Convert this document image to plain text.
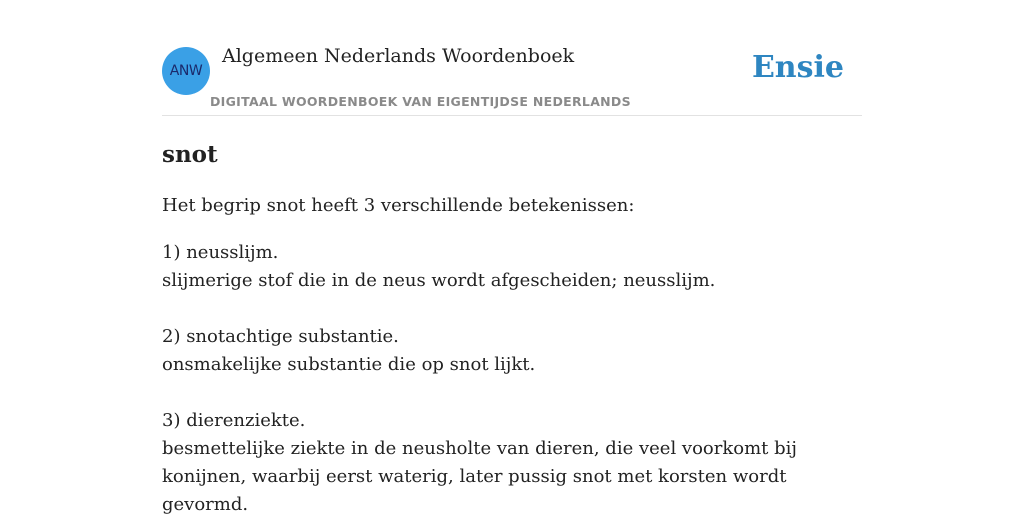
ANW
Algemeen Nederlands Woordenboek
DIGITAAL WOORDENBOEK VAN EIGENTIJDSE NEDERLANDS
Ensie
snot

Het begrip snot heeft 3 verschillende betekenissen:

1) neusslijm.
slijmerige stof die in de neus wordt afgescheiden; neusslijm.
2) snotachtige substantie.
onsmakelijke substantie die op snot lijkt.
3) dierenziekte.
besmettelijke ziekte in de neusholte van dieren, die veel voorkomt bij konijnen, waarbij eerst waterig, later pussig snot met korsten wordt gevormd.
